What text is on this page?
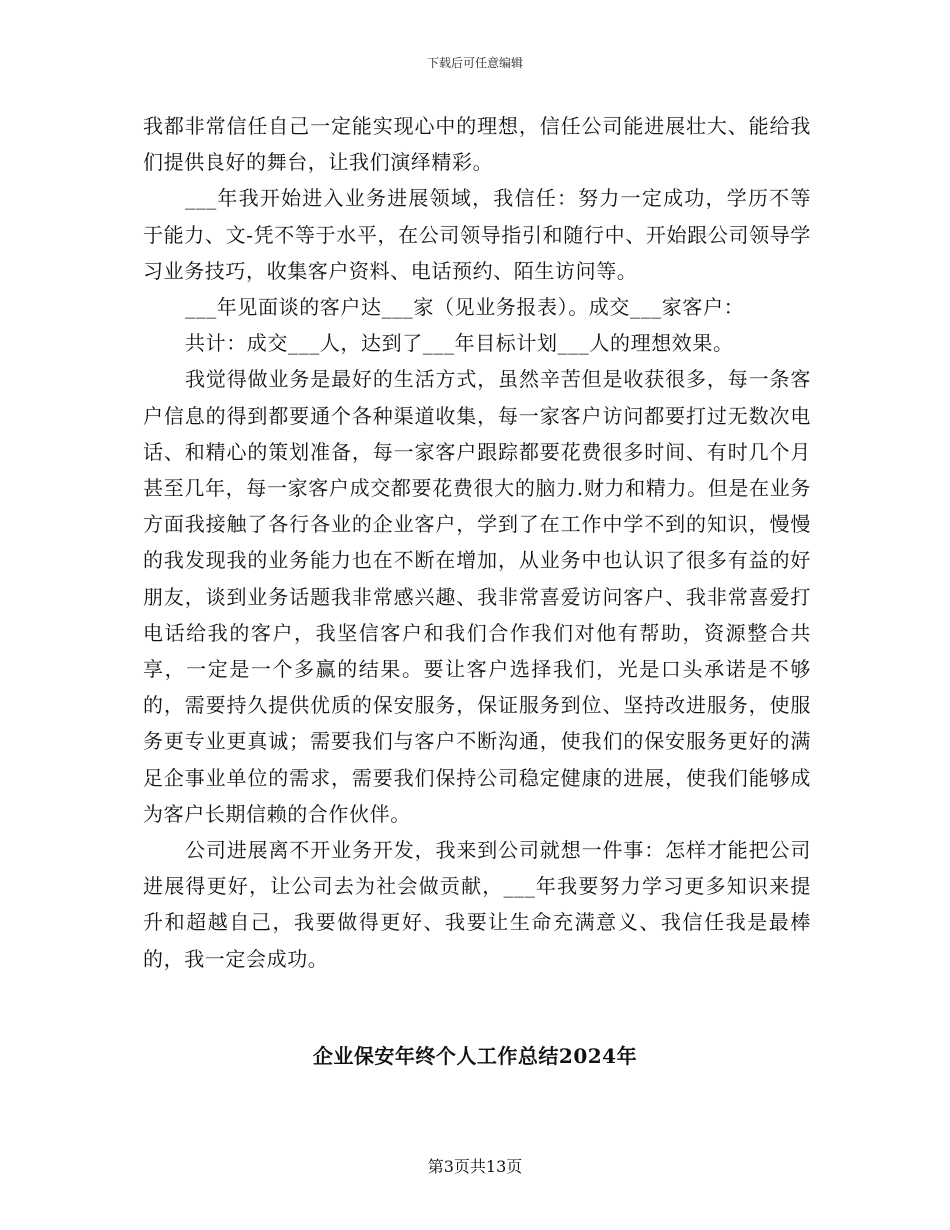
下载后可任意编辑

我都非常信任自己一定能实现心中的理想，信任公司能进展壮大、能给我们提供良好的舞台，让我们演绎精彩。

___年我开始进入业务进展领域，我信任：努力一定成功，学历不等于能力、文-凭不等于水平，在公司领导指引和随行中、开始跟公司领导学习业务技巧，收集客户资料、电话预约、陌生访问等。

___年见面谈的客户达___家（见业务报表）。成交___家客户：

共计：成交___人，达到了___年目标计划___人的理想效果。

我觉得做业务是最好的生活方式，虽然辛苦但是收获很多，每一条客户信息的得到都要通个各种渠道收集，每一家客户访问都要打过无数次电话、和精心的策划准备，每一家客户跟踪都要花费很多时间、有时几个月甚至几年，每一家客户成交都要花费很大的脑力.财力和精力。但是在业务方面我接触了各行各业的企业客户，学到了在工作中学不到的知识，慢慢的我发现我的业务能力也在不断在增加，从业务中也认识了很多有益的好朋友，谈到业务话题我非常感兴趣、我非常喜爱访问客户、我非常喜爱打电话给我的客户，我坚信客户和我们合作我们对他有帮助，资源整合共享，一定是一个多赢的结果。要让客户选择我们，光是口头承诺是不够的，需要持久提供优质的保安服务，保证服务到位、坚持改进服务，使服务更专业更真诚；需要我们与客户不断沟通，使我们的保安服务更好的满足企事业单位的需求，需要我们保持公司稳定健康的进展，使我们能够成为客户长期信赖的合作伙伴。

公司进展离不开业务开发，我来到公司就想一件事：怎样才能把公司进展得更好，让公司去为社会做贡献，___年我要努力学习更多知识来提升和超越自己，我要做得更好、我要让生命充满意义、我信任我是最棒的，我一定会成功。

企业保安年终个人工作总结2024年
第3页共13页
